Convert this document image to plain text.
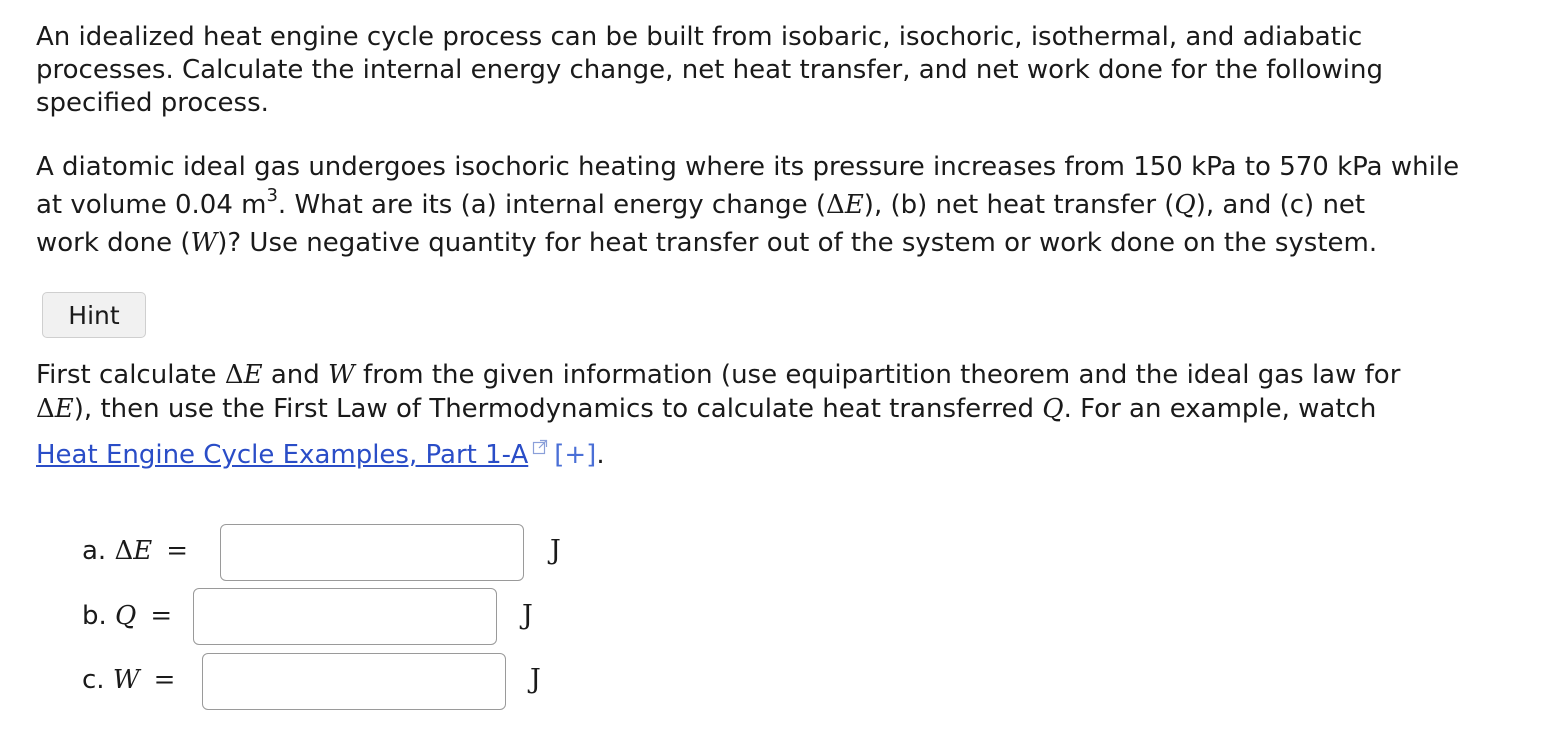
An idealized heat engine cycle process can be built from isobaric, isochoric, isothermal, and adiabatic
processes. Calculate the internal energy change, net heat transfer, and net work done for the following
specified process.
A diatomic ideal gas undergoes isochoric heating where its pressure increases from 150 kPa to 570 kPa while
at volume 0.04 $m^3$. What are its (a) internal energy change (ΔE), (b) net heat transfer (Q), and (c) net
work done (W)? Use negative quantity for heat transfer out of the system or work done on the system.
Hint
First calculate ΔE and W from the given information (use equipartition theorem and the ideal gas law for
ΔE), then use the First Law of Thermodynamics to calculate heat transferred Q. For an example, watch
Heat Engine Cycle Examples, Part 1-A [+].
a. ΔE =	J
b. Q =	J
c. W =	J
